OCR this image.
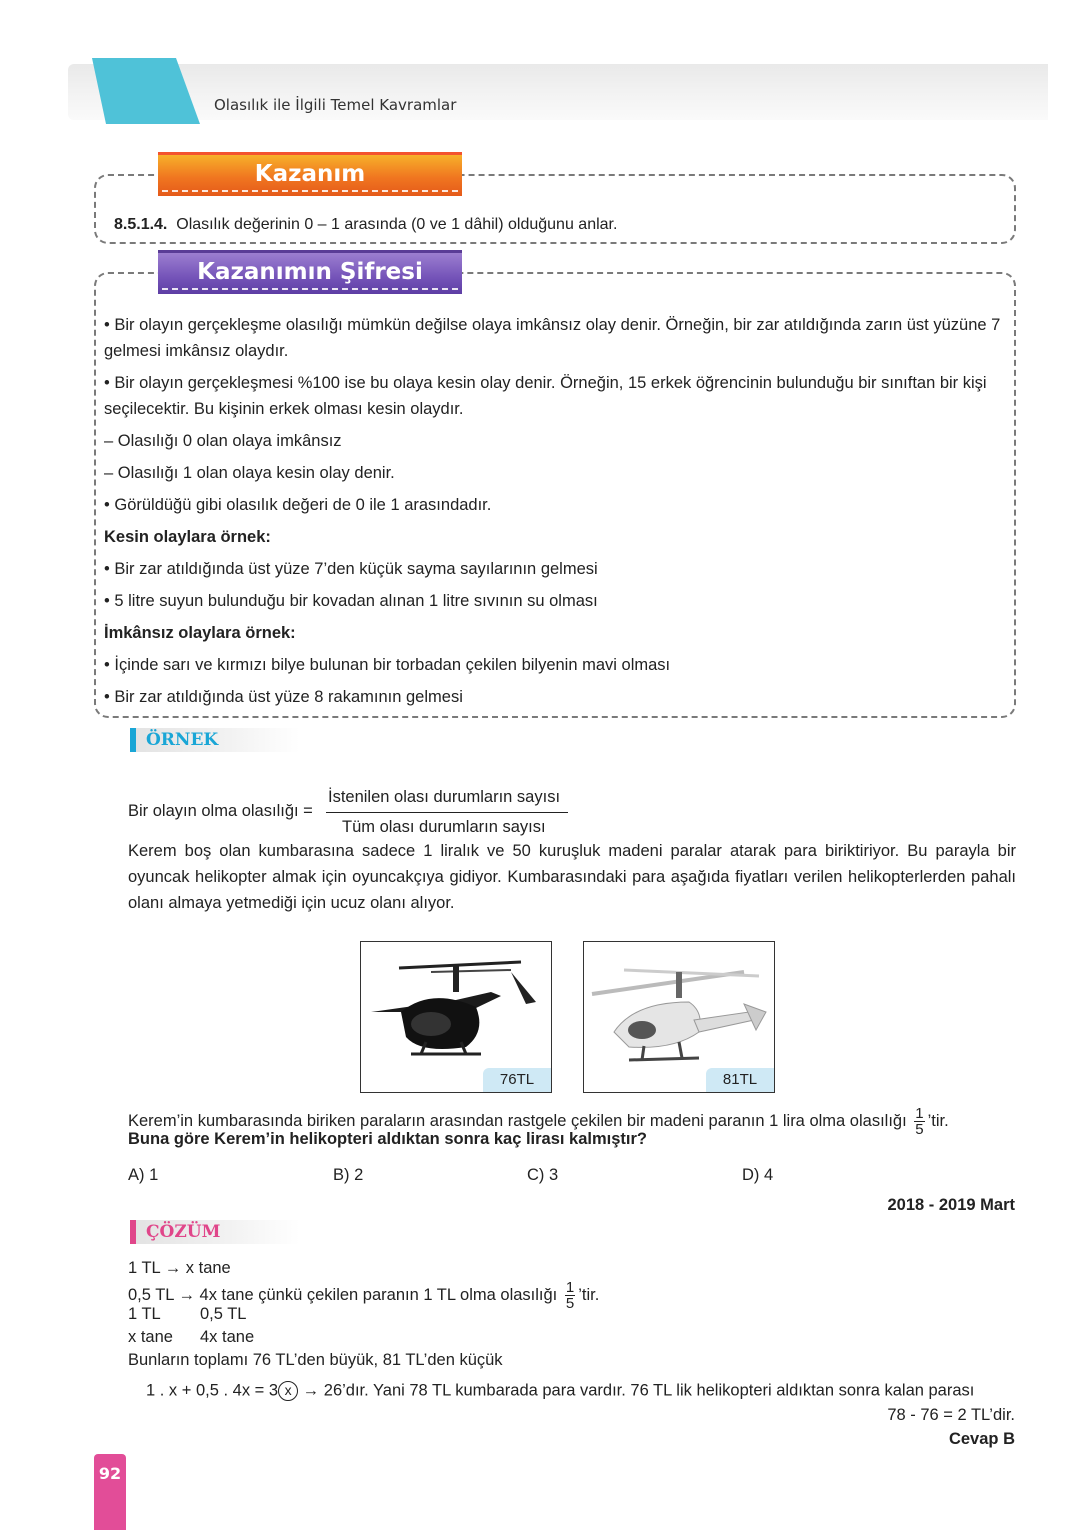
Olasılık ile İlgili Temel Kavramlar
Kazanım
8.5.1.4. Olasılık değerinin 0 – 1 arasında (0 ve 1 dâhil) olduğunu anlar.
Kazanımın Şifresi

• Bir olayın gerçekleşme olasılığı mümkün değilse olaya imkânsız olay denir. Örneğin, bir zar atıldığında zarın üst yüzüne 7 gelmesi imkânsız olaydır.

• Bir olayın gerçekleşmesi %100 ise bu olaya kesin olay denir. Örneğin, 15 erkek öğrencinin bulunduğu bir sınıftan bir kişi seçilecektir. Bu kişinin erkek olması kesin olaydır.

– Olasılığı 0 olan olaya imkânsız

– Olasılığı 1 olan olaya kesin olay denir.

• Görüldüğü gibi olasılık değeri de 0 ile 1 arasındadır.

Kesin olaylara örnek:

• Bir zar atıldığında üst yüze 7’den küçük sayma sayılarının gelmesi

• 5 litre suyun bulunduğu bir kovadan alınan 1 litre sıvının su olması

İmkânsız olaylara örnek:

• İçinde sarı ve kırmızı bilye bulunan bir torbadan çekilen bilyenin mavi olması

• Bir zar atıldığında üst yüze 8 rakamının gelmesi

ÖRNEK
Bir olayın olma olasılığı =
İstenilen olası durumların sayısı
Tüm olası durumların sayısı
Kerem boş olan kumbarasına sadece 1 liralık ve 50 kuruşluk madeni paralar atarak para biriktiriyor. Bu parayla bir oyuncak helikopter almak için oyuncakçıya gidiyor. Kumbarasındaki para aşağıda fiyatları verilen helikopterlerden pahalı olanı almaya yetmediği için ucuz olanı alıyor.
76TL	81TL
Kerem’in kumbarasında biriken paraların arasından rastgele çekilen bir madeni paranın 1 lira olma olasılığı $\frac{1}{5}$ ’tir.
Buna göre Kerem’in helikopteri aldıktan sonra kaç lirası kalmıştır?
A) 1	B) 2	C) 3	D) 4
2018 - 2019 Mart
ÇÖZÜM
1 TL → x tane
0,5 TL → 4x tane çünkü çekilen paranın 1 TL olma olasılığı $\frac{1}{5}$ ’tir.
1 TL 0,5 TL
x tane 4x tane
Bunların toplamı 76 TL’den büyük, 81 TL’den küçük
1 . x + 0,5 . 4x = 3 x → 26’dır. Yani 78 TL kumbarada para vardır. 76 TL lik helikopteri aldıktan sonra kalan parası
78 - 76 = 2 TL’dir.
Cevap B
92
